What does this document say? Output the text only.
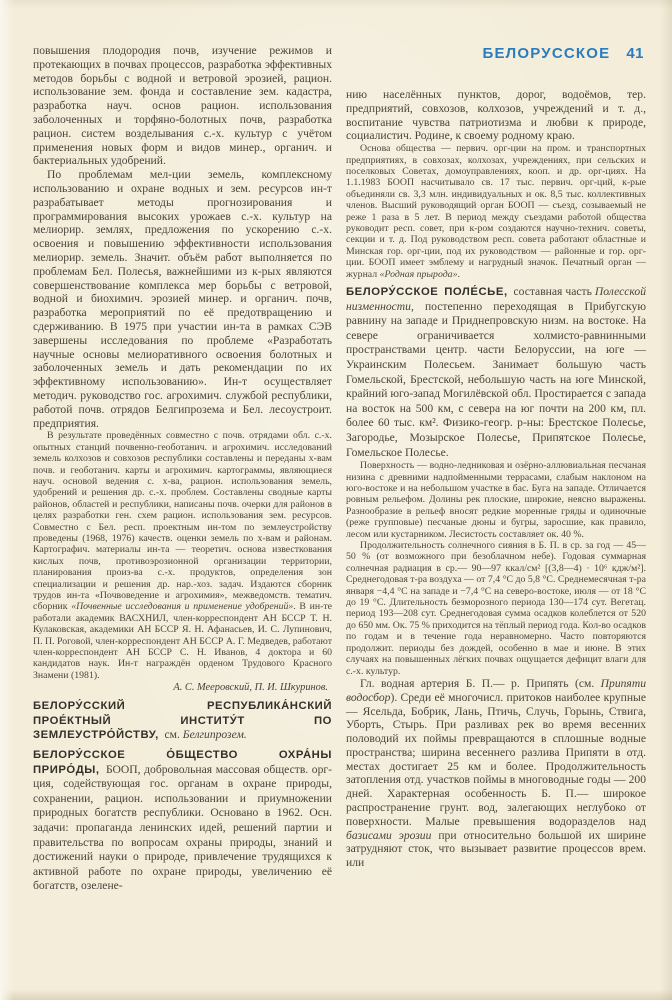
повышения плодородия почв, изучение режимов и протекающих в почвах процессов, разработка эффективных методов борьбы с водной и ветровой эрозией, рацион. использование зем. фонда и составление зем. кадастра, разработка науч. основ рацион. использования заболоченных и торфяно-болотных почв, разработка рацион. систем возделывания с.-х. культур с учётом применения новых форм и видов минер., органич. и бактериальных удобрений.

По проблемам мел-ции земель, комплексному использованию и охране водных и зем. ресурсов ин-т разрабатывает методы прогнозирования и программирования высоких урожаев с.-х. культур на мелиорир. землях, предложения по ускорению с.-х. освоения и повышению эффективности использования мелиорир. земель. Значит. объём работ выполняется по проблемам Бел. Полесья, важнейшими из к-рых являются совершенствование комплекса мер борьбы с ветровой, водной и биохимич. эрозией минер. и органич. почв, разработка мероприятий по её предотвращению и сдерживанию. В 1975 при участии ин-та в рамках СЭВ завершены исследования по проблеме «Разработать научные основы мелиоративного освоения болотных и заболоченных земель и дать рекомендации по их эффективному использованию». Ин-т осуществляет методич. руководство гос. агрохимич. службой республики, работой почв. отрядов Белгипрозема и Бел. лесоустроит. предприятия.

В результате проведённых совместно с почв. отрядами обл. с.-х. опытных станций почвенно-геоботанич. и агрохимич. исследований земель колхозов и совхозов республики составлены и переданы х-вам почв. и геоботанич. карты и агрохимич. картограммы, являющиеся науч. основой ведения с. х-ва, рацион. использования земель, удобрений и решения др. с.-х. проблем. Составлены сводные карты районов, областей и республики, написаны почв. очерки для районов в целях разработки ген. схем рацион. использования зем. ресурсов. Совместно с Бел. респ. проектным ин-том по землеустройству проведены (1968, 1976) качеств. оценки земель по х-вам и районам. Картографич. материалы ин-та — теоретич. основа известкования кислых почв, противоэрозионной организации территории, планирования произ-ва с.-х. продуктов, определения зон специализации и решения др. нар.-хоз. задач. Издаются сборник трудов ин-та «Почвоведение и агрохимия», межведомств. тематич. сборник «Почвенные исследования и применение удобрений». В ин-те работали академик ВАСХНИЛ, член-корреспондент АН БССР Т. Н. Кулаковская, академики АН БССР Я. Н. Афанасьев, И. С. Лупинович, П. П. Роговой, член-корреспондент АН БССР А. Г. Медведев, работают член-корреспондент АН БССР С. Н. Иванов, 4 доктора и 60 кандидатов наук. Ин-т награждён орденом Трудового Красного Знамени (1981).

А. С. Мееровский, П. И. Шкуринов.

БЕЛОРУ́ССКИЙ РЕСПУБЛИКА́НСКИЙ ПРОЕ́КТНЫЙ ИНСТИТУ́Т ПО ЗЕМЛЕУСТРО́ЙСТВУ, см. Белгипрозем.

БЕЛОРУ́ССКОЕ О́БЩЕСТВО ОХРА́НЫ ПРИРО́ДЫ, БООП, добровольная массовая обществ. орг-ция, содействующая гос. органам в охране природы, сохранении, рацион. использовании и приумножении природных богатств республики. Основано в 1962. Осн. задачи: пропаганда ленинских идей, решений партии и правительства по вопросам охраны природы, знаний и достижений науки о природе, привлечение трудящихся к активной работе по охране природы, увеличению её богатств, озелене-

БЕЛОРУССКОЕ 41

нию населённых пунктов, дорог, водоёмов, тер. предприятий, совхозов, колхозов, учреждений и т. д., воспитание чувства патриотизма и любви к природе, социалистич. Родине, к своему родному краю.

Основа общества — первич. орг-ции на пром. и транспортных предприятиях, в совхозах, колхозах, учреждениях, при сельских и поселковых Советах, домоуправлениях, кооп. и др. орг-циях. На 1.1.1983 БООП насчитывало св. 17 тыс. первич. орг-ций, к-рые объединяли св. 3,3 млн. индивидуальных и ок. 8,5 тыс. коллективных членов. Высший руководящий орган БООП — съезд, созываемый не реже 1 раза в 5 лет. В период между съездами работой общества руководит респ. совет, при к-ром создаются научно-технич. советы, секции и т. д. Под руководством респ. совета работают областные и Минская гор. орг-ции, под их руководством — районные и гор. орг-ции. БООП имеет эмблему и нагрудный значок. Печатный орган — журнал «Родная прырода».

БЕЛОРУ́ССКОЕ ПОЛЕ́СЬЕ, составная часть Полесской низменности, постепенно переходящая в Прибугскую равнину на западе и Приднепровскую низм. на востоке. На севере ограничивается холмисто-равнинными пространствами центр. части Белоруссии, на юге — Украинским Полесьем. Занимает большую часть Гомельской, Брестской, небольшую часть на юге Минской, крайний юго-запад Могилёвской обл. Простирается с запада на восток на 500 км, с севера на юг почти на 200 км, пл. более 60 тыс. км². Физико-геогр. р-ны: Брестское Полесье, Загородье, Мозырское Полесье, Припятское Полесье, Гомельское Полесье.

Поверхность — водно-ледниковая и озёрно-аллювиальная песчаная низина с древними надпойменными террасами, слабым наклоном на юго-востоке и на небольшом участке в бас. Буга на западе. Отличается ровным рельефом. Долины рек плоские, широкие, неясно выражены. Разнообразие в рельеф вносят редкие моренные гряды и одиночные (реже групповые) песчаные дюны и бугры, заросшие, как правило, лесом или кустарником. Лесистость составляет ок. 40 %.

Продолжительность солнечного сияния в Б. П. в ср. за год — 45—50 % (от возможного при безоблачном небе). Годовая суммарная солнечная радиация в ср.— 90—97 ккал/см² [(3,8—4) · 10⁶ кдж/м²]. Среднегодовая т-ра воздуха — от 7,4 °С до 5,8 °С. Среднемесячная т-ра января −4,4 °С на западе и −7,4 °С на северо-востоке, июля — от 18 °С до 19 °С. Длительность безморозного периода 130—174 сут. Вегетац. период 193—208 сут. Среднегодовая сумма осадков колеблется от 520 до 650 мм. Ок. 75 % приходится на тёплый период года. Кол-во осадков по годам и в течение года неравномерно. Часто повторяются продолжит. периоды без дождей, особенно в мае и июне. В этих случаях на повышенных лёгких почвах ощущается дефицит влаги для с.-х. культур.

Гл. водная артерия Б. П.— р. Припять (см. Припяти водосбор). Среди её многочисл. притоков наиболее крупные — Ясельда, Бобрик, Лань, Птичь, Случь, Горынь, Ствига, Уборть, Стырь. При разливах рек во время весенних половодий их поймы превращаются в сплошные водные пространства; ширина весеннего разлива Припяти в отд. местах достигает 25 км и более. Продолжительность затопления отд. участков поймы в многоводные годы — 200 дней. Характерная особенность Б. П.— широкое распространение грунт. вод, залегающих неглубоко от поверхности. Малые превышения водоразделов над базисами эрозии при относительно большой их ширине затрудняют сток, что вызывает развитие процессов врем. или
